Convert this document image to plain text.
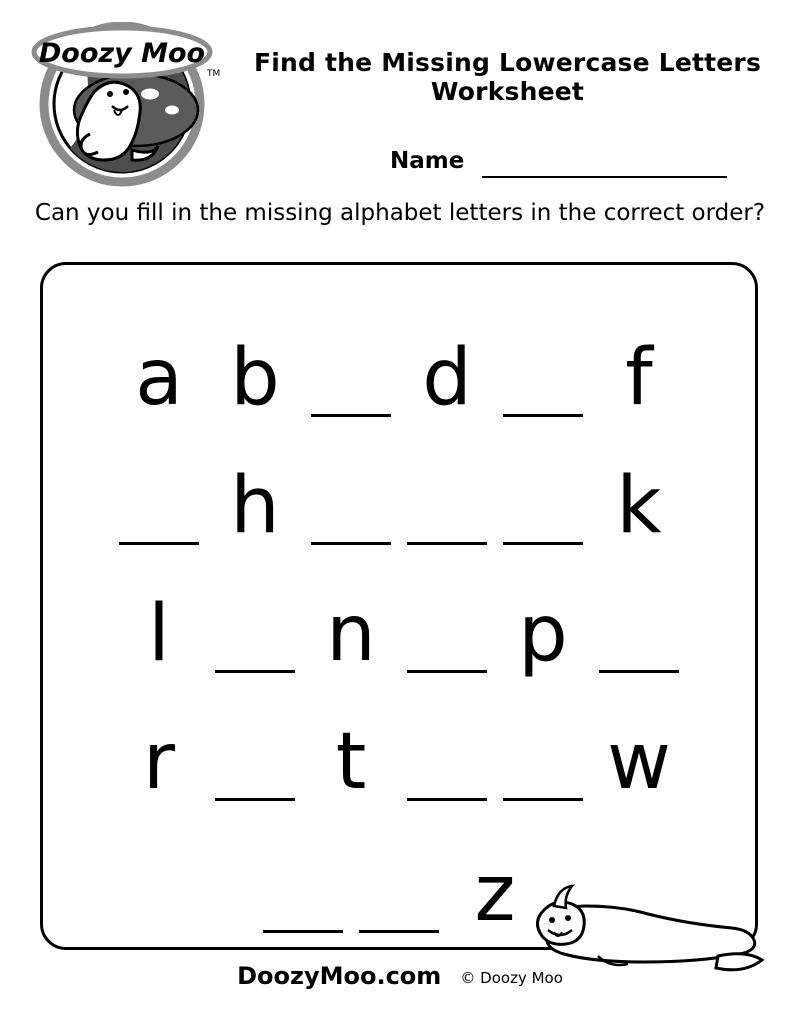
Doozy Moo
TM	Find the Missing Lowercase Letters Worksheet
Name
Can you fill in the missing alphabet letters in the correct order?
a b d f
h	k
l n p
r t	w
z
DoozyMoo.com © Doozy Moo
